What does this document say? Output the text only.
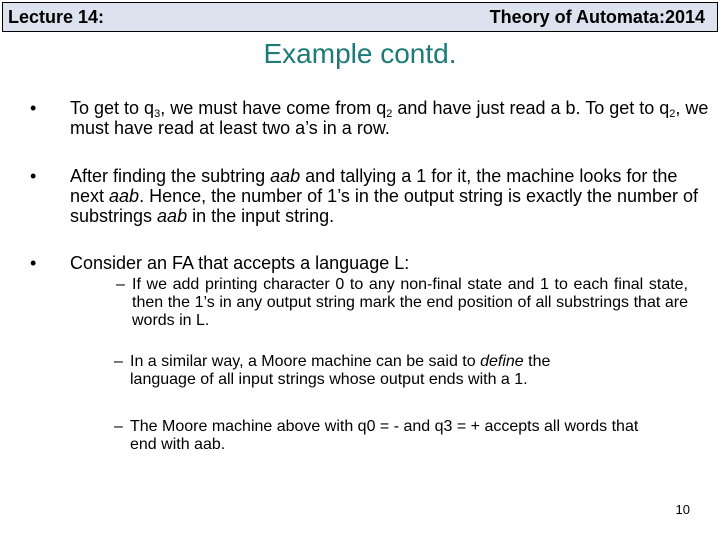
Lecture 14:	Theory of Automata:2014
Example contd.
• To get to $q_3$, we must have come from $q_2$ and have just read a b. To get to $q_2$, we must have read at least two a’s in a row.
• After finding the subtring aab and tallying a 1 for it, the machine looks for the next aab. Hence, the number of 1’s in the output string is exactly the number of substrings aab in the input string.
• Consider an FA that accepts a language L:
– If we add printing character 0 to any non-final state and 1 to each final state, then the 1’s in any output string mark the end position of all substrings that are words in L.
– In a similar way, a Moore machine can be said to define the language of all input strings whose output ends with a 1.
– The Moore machine above with q0 = - and q3 = + accepts all words that end with aab.
10
